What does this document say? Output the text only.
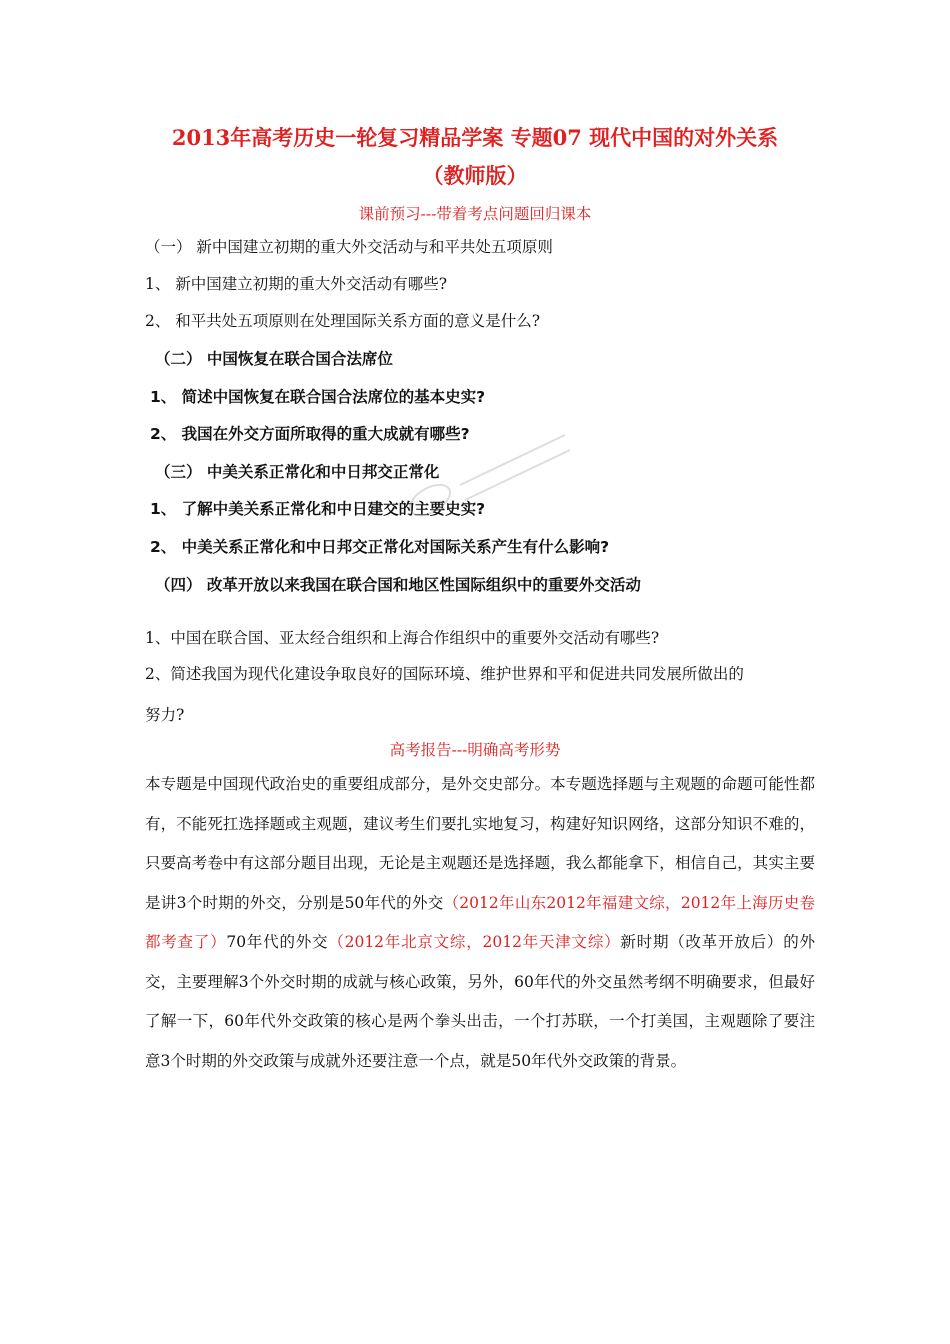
2013年高考历史一轮复习精品学案 专题07 现代中国的对外关系
（教师版）
课前预习---带着考点问题回归课本
（一） 新中国建立初期的重大外交活动与和平共处五项原则
1、 新中国建立初期的重大外交活动有哪些?
2、 和平共处五项原则在处理国际关系方面的意义是什么?
（二） 中国恢复在联合国合法席位
1、 简述中国恢复在联合国合法席位的基本史实?
2、 我国在外交方面所取得的重大成就有哪些?
（三） 中美关系正常化和中日邦交正常化
1、 了解中美关系正常化和中日建交的主要史实?
2、 中美关系正常化和中日邦交正常化对国际关系产生有什么影响?
（四） 改革开放以来我国在联合国和地区性国际组织中的重要外交活动
1、中国在联合国、亚太经合组织和上海合作组织中的重要外交活动有哪些?
2、简述我国为现代化建设争取良好的国际环境、维护世界和平和促进共同发展所做出的
努力?
高考报告---明确高考形势
本专题是中国现代政治史的重要组成部分，是外交史部分。本专题选择题与主观题的命题可能性都有，不能死扛选择题或主观题，建议考生们要扎实地复习，构建好知识网络，这部分知识不难的，只要高考卷中有这部分题目出现，无论是主观题还是选择题，我么都能拿下，相信自己，其实主要是讲3个时期的外交，分别是50年代的外交（2012年山东2012年福建文综，2012年上海历史卷都考查了）70年代的外交（2012年北京文综，2012年天津文综）新时期（改革开放后）的外交，主要理解3个外交时期的成就与核心政策，另外，60年代的外交虽然考纲不明确要求，但最好了解一下，60年代外交政策的核心是两个拳头出击，一个打苏联，一个打美国，主观题除了要注意3个时期的外交政策与成就外还要注意一个点，就是50年代外交政策的背景。
